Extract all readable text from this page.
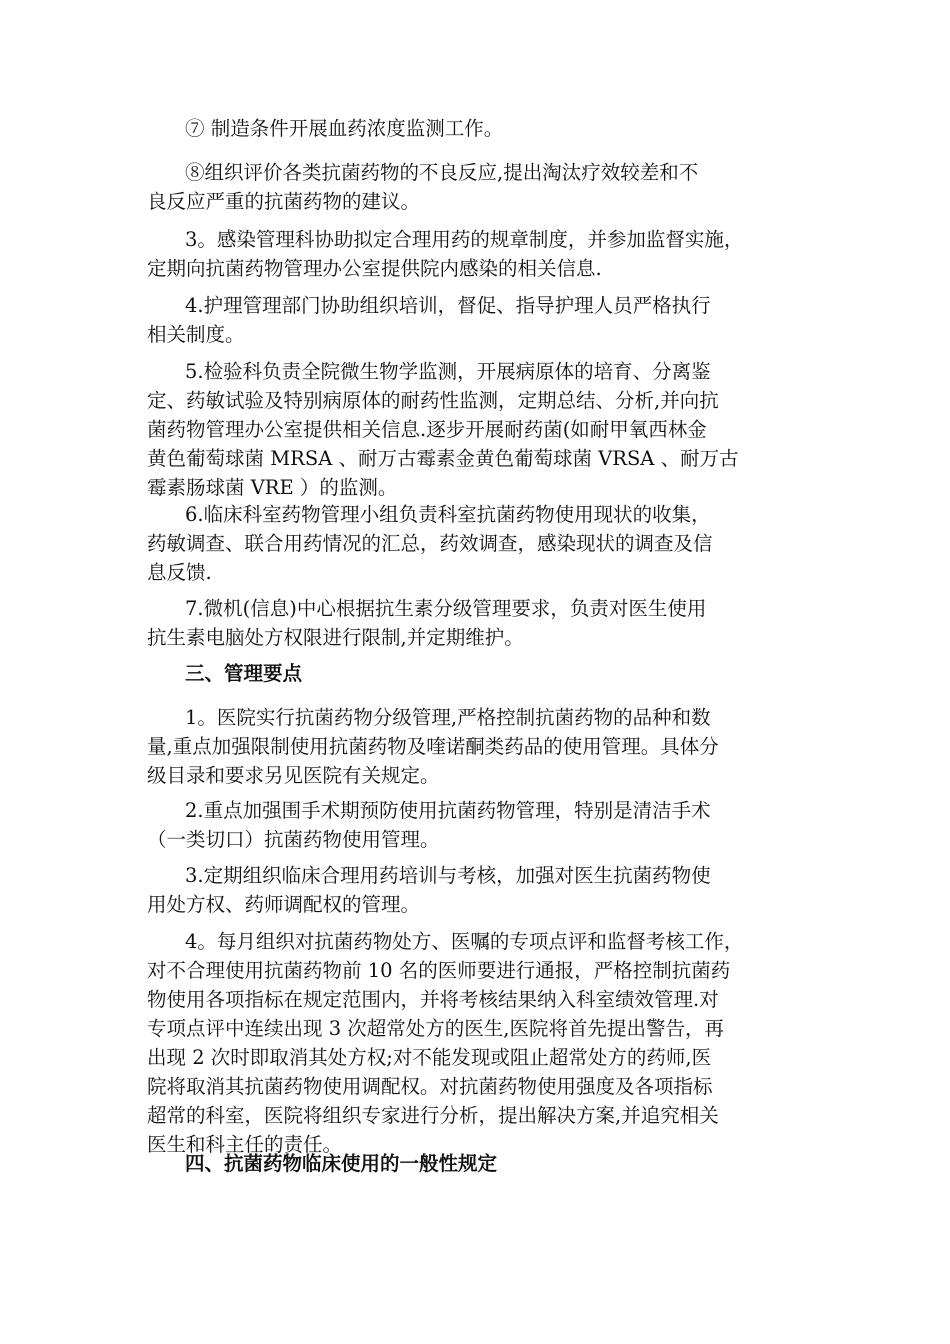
⑦ 制造条件开展血药浓度监测工作。
⑧组织评价各类抗菌药物的不良反应,提出淘汰疗效较差和不
良反应严重的抗菌药物的建议。
3。感染管理科协助拟定合理用药的规章制度，并参加监督实施，
定期向抗菌药物管理办公室提供院内感染的相关信息.
4.护理管理部门协助组织培训，督促、指导护理人员严格执行
相关制度。
5.检验科负责全院微生物学监测，开展病原体的培育、分离鉴
定、药敏试验及特别病原体的耐药性监测，定期总结、分析,并向抗
菌药物管理办公室提供相关信息.逐步开展耐药菌(如耐甲氧西林金
黄色葡萄球菌 MRSA 、耐万古霉素金黄色葡萄球菌 VRSA 、耐万古
霉素肠球菌 VRE ）的监测。
6.临床科室药物管理小组负责科室抗菌药物使用现状的收集，
药敏调查、联合用药情况的汇总，药效调查，感染现状的调查及信
息反馈.
7.微机(信息)中心根据抗生素分级管理要求，负责对医生使用
抗生素电脑处方权限进行限制,并定期维护。
三、管理要点
1。医院实行抗菌药物分级管理,严格控制抗菌药物的品种和数
量,重点加强限制使用抗菌药物及喹诺酮类药品的使用管理。具体分
级目录和要求另见医院有关规定。
2.重点加强围手术期预防使用抗菌药物管理，特别是清洁手术
（一类切口）抗菌药物使用管理。
3.定期组织临床合理用药培训与考核，加强对医生抗菌药物使
用处方权、药师调配权的管理。
4。每月组织对抗菌药物处方、医嘱的专项点评和监督考核工作，
对不合理使用抗菌药物前 10 名的医师要进行通报，严格控制抗菌药
物使用各项指标在规定范围内，并将考核结果纳入科室绩效管理.对
专项点评中连续出现 3 次超常处方的医生,医院将首先提出警告，再
出现 2 次时即取消其处方权;对不能发现或阻止超常处方的药师,医
院将取消其抗菌药物使用调配权。对抗菌药物使用强度及各项指标
超常的科室，医院将组织专家进行分析，提出解决方案,并追究相关
医生和科主任的责任。
四、抗菌药物临床使用的一般性规定
